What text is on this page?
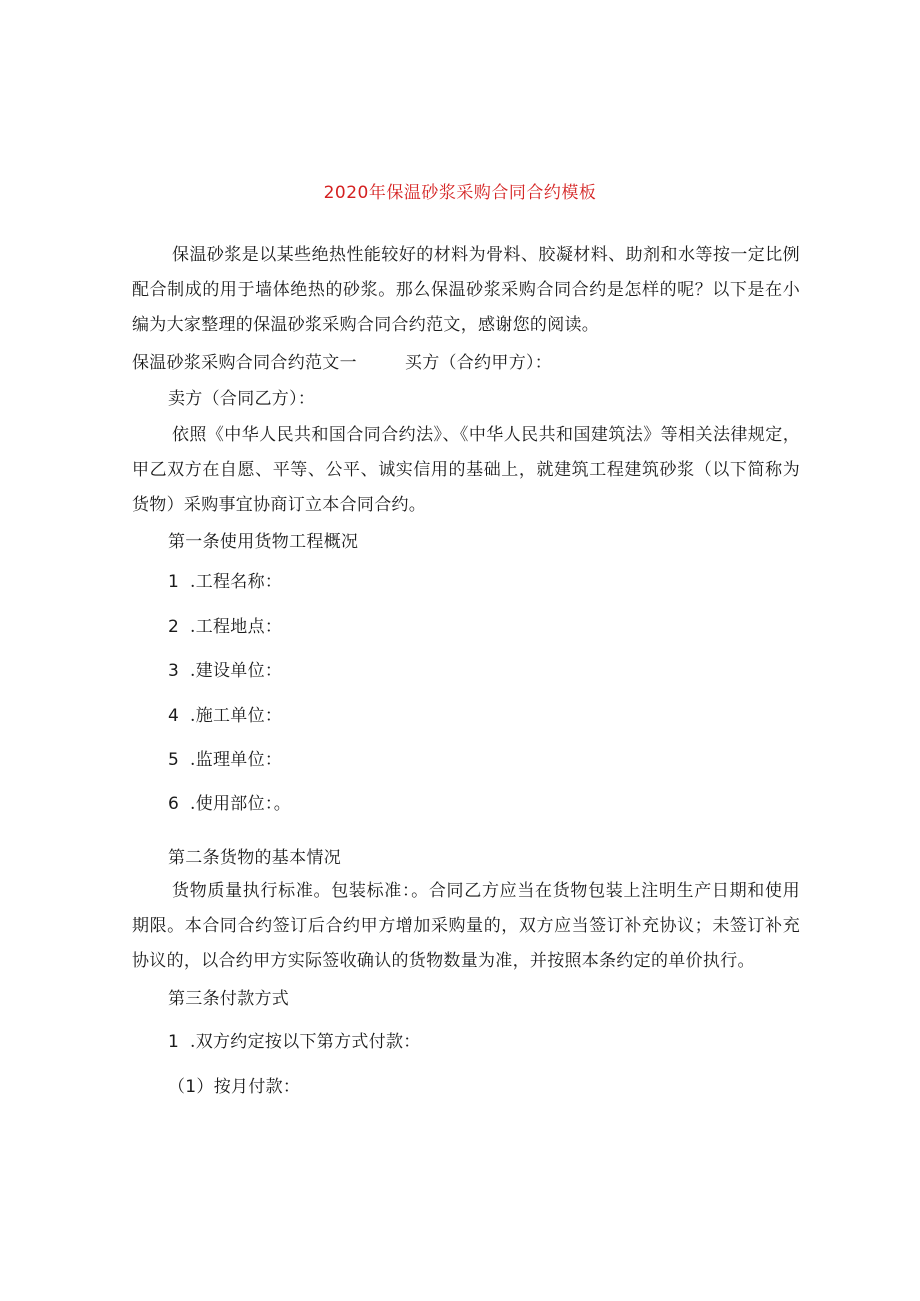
2020年保温砂浆采购合同合约模板
保温砂浆是以某些绝热性能较好的材料为骨料、胶凝材料、助剂和水等按一定比例配合制成的用于墙体绝热的砂浆。那么保温砂浆采购合同合约是怎样的呢？以下是在小编为大家整理的保温砂浆采购合同合约范文，感谢您的阅读。
保温砂浆采购合同合约范文一	买方（合约甲方）：
卖方（合同乙方）：
依照《中华人民共和国合同合约法》、《中华人民共和国建筑法》等相关法律规定，甲乙双方在自愿、平等、公平、诚实信用的基础上，就建筑工程建筑砂浆（以下简称为货物）采购事宜协商订立本合同合约。
第一条使用货物工程概况
1 .工程名称：
2 .工程地点：
3 .建设单位：
4 .施工单位：
5 .监理单位：
6 .使用部位：。
第二条货物的基本情况
货物质量执行标准。包装标准：。合同乙方应当在货物包装上注明生产日期和使用期限。本合同合约签订后合约甲方增加采购量的，双方应当签订补充协议；未签订补充协议的，以合约甲方实际签收确认的货物数量为准，并按照本条约定的单价执行。
第三条付款方式
1 .双方约定按以下第方式付款：
（1）按月付款：
